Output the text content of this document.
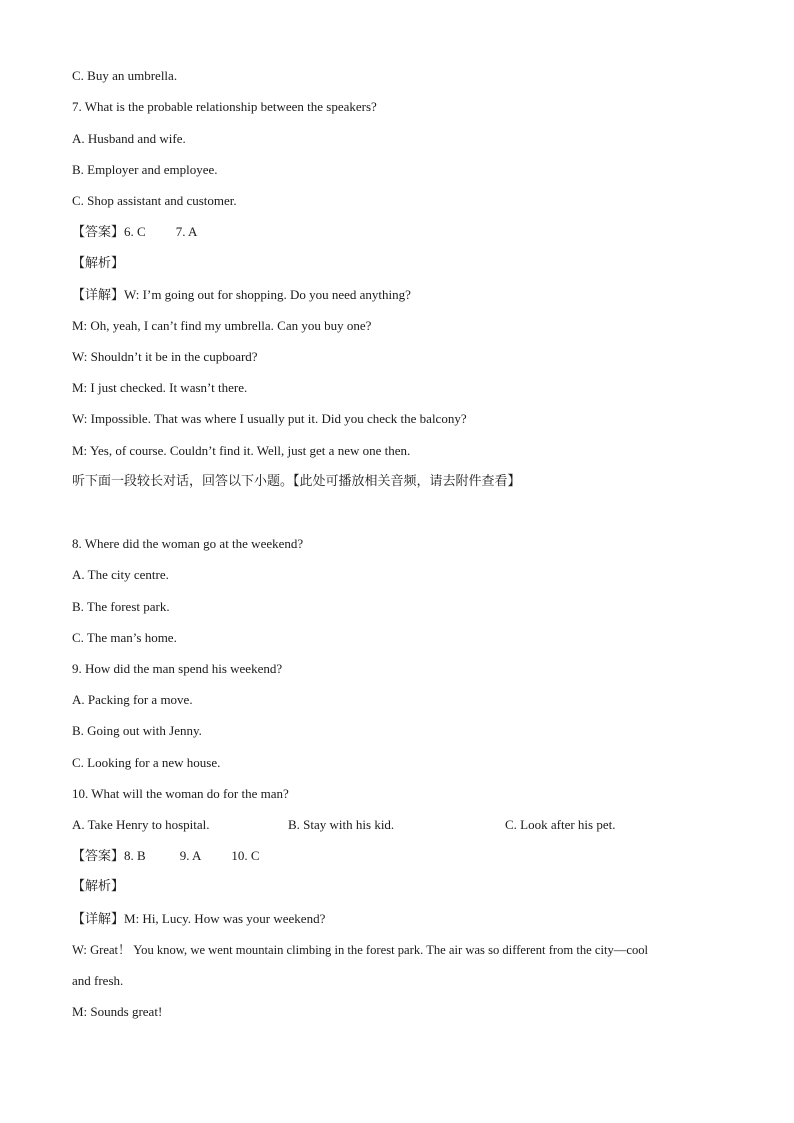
C. Buy an umbrella.
7. What is the probable relationship between the speakers?
A. Husband and wife.
B. Employer and employee.
C. Shop assistant and customer.
【答案】6. C 7. A
【解析】
【详解】W: I’m going out for shopping. Do you need anything?
M: Oh, yeah, I can’t find my umbrella. Can you buy one?
W: Shouldn’t it be in the cupboard?
M: I just checked. It wasn’t there.
W: Impossible. That was where I usually put it. Did you check the balcony?
M: Yes, of course. Couldn’t find it. Well, just get a new one then.
听下面一段较长对话，回答以下小题。【此处可播放相关音频，请去附件查看】
8. Where did the woman go at the weekend?
A. The city centre.
B. The forest park.
C. The man’s home.
9. How did the man spend his weekend?
A. Packing for a move.
B. Going out with Jenny.
C. Looking for a new house.
10. What will the woman do for the man?
A. Take Henry to hospital.	B. Stay with his kid.	C. Look after his pet.
【答案】8. B	9. A 10. C
【解析】
【详解】M: Hi, Lucy. How was your weekend?
W: Great！ You know, we went mountain climbing in the forest park. The air was so different from the city—cool
and fresh.
M: Sounds great!
